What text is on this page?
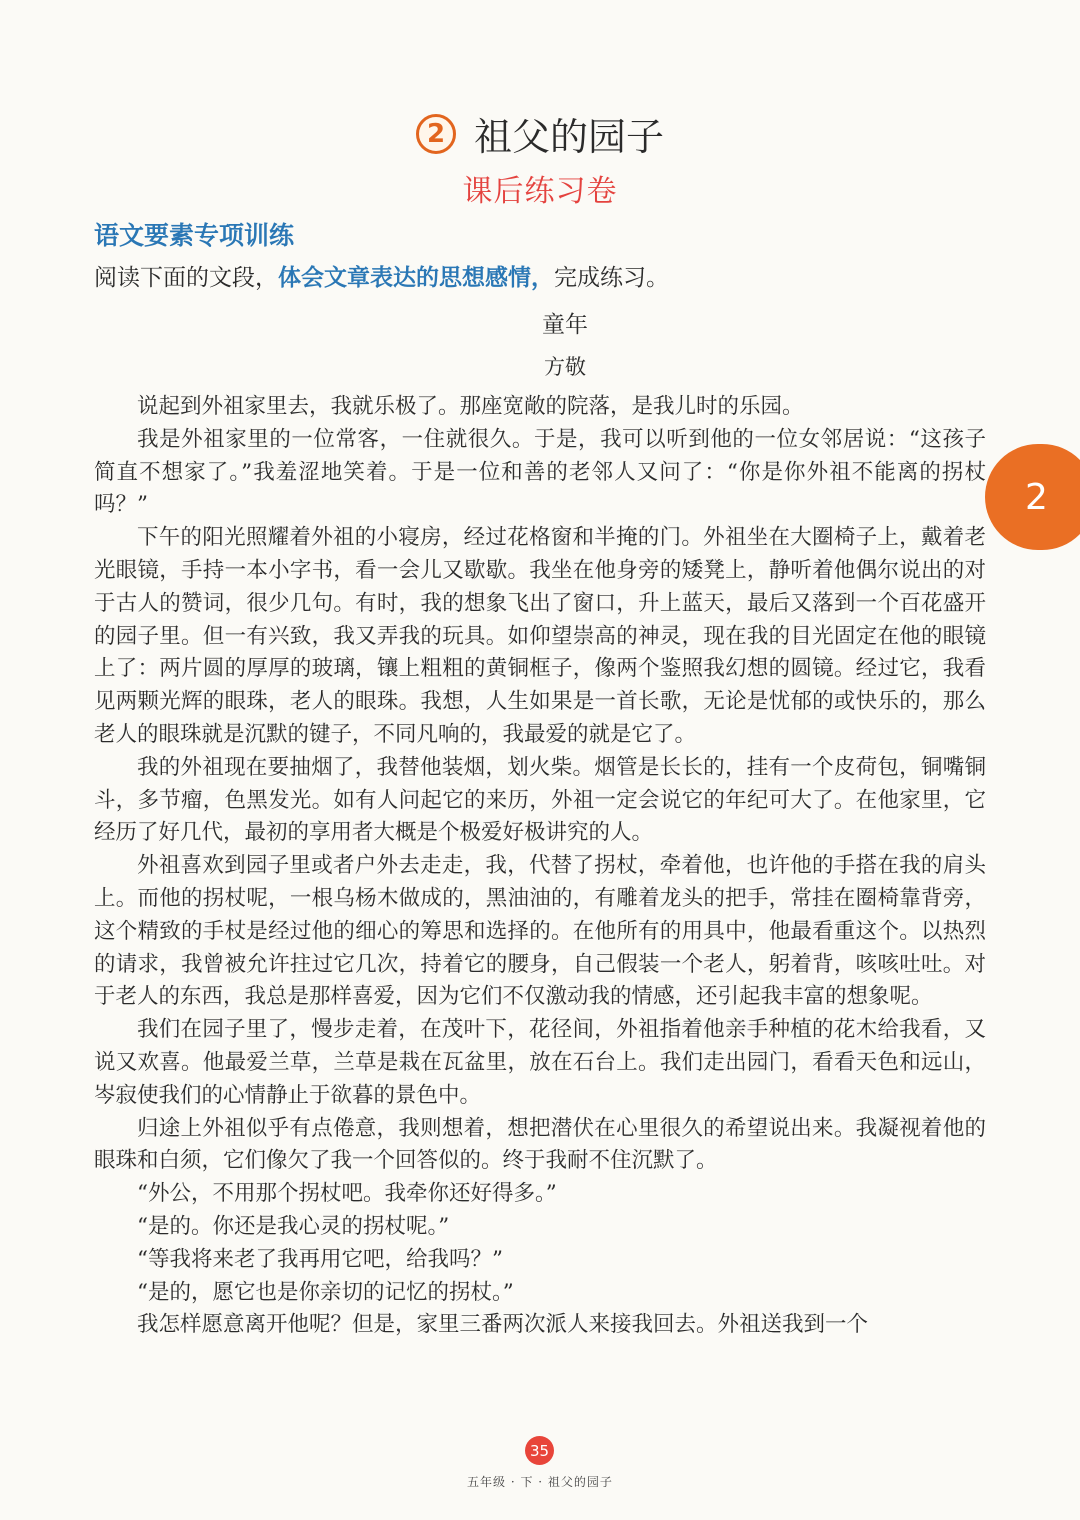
2 祖父的园子
课后练习卷
语文要素专项训练
阅读下面的文段，体会文章表达的思想感情，完成练习。
童年
方敬

说起到外祖家里去，我就乐极了。那座宽敞的院落，是我儿时的乐园。

我是外祖家里的一位常客，一住就很久。于是，我可以听到他的一位女邻居说：“这孩子简直不想家了。”我羞涩地笑着。于是一位和善的老邻人又问了：“你是你外祖不能离的拐杖吗？”

下午的阳光照耀着外祖的小寝房，经过花格窗和半掩的门。外祖坐在大圈椅子上，戴着老光眼镜，手持一本小字书，看一会儿又歇歇。我坐在他身旁的矮凳上，静听着他偶尔说出的对于古人的赞词，很少几句。有时，我的想象飞出了窗口，升上蓝天，最后又落到一个百花盛开的园子里。但一有兴致，我又弄我的玩具。如仰望崇高的神灵，现在我的目光固定在他的眼镜上了：两片圆的厚厚的玻璃，镶上粗粗的黄铜框子，像两个鉴照我幻想的圆镜。经过它，我看见两颗光辉的眼珠，老人的眼珠。我想，人生如果是一首长歌，无论是忧郁的或快乐的，那么老人的眼珠就是沉默的键子，不同凡响的，我最爱的就是它了。

我的外祖现在要抽烟了，我替他装烟，划火柴。烟管是长长的，挂有一个皮荷包，铜嘴铜斗，多节瘤，色黑发光。如有人问起它的来历，外祖一定会说它的年纪可大了。在他家里，它经历了好几代，最初的享用者大概是个极爱好极讲究的人。

外祖喜欢到园子里或者户外去走走，我，代替了拐杖，牵着他，也许他的手搭在我的肩头上。而他的拐杖呢，一根乌杨木做成的，黑油油的，有雕着龙头的把手，常挂在圈椅靠背旁，这个精致的手杖是经过他的细心的筹思和选择的。在他所有的用具中，他最看重这个。以热烈的请求，我曾被允许拄过它几次，持着它的腰身，自己假装一个老人，躬着背，咳咳吐吐。对于老人的东西，我总是那样喜爱，因为它们不仅激动我的情感，还引起我丰富的想象呢。

我们在园子里了，慢步走着，在茂叶下，花径间，外祖指着他亲手种植的花木给我看，又说又欢喜。他最爱兰草，兰草是栽在瓦盆里，放在石台上。我们走出园门，看看天色和远山，岑寂使我们的心情静止于欲暮的景色中。

归途上外祖似乎有点倦意，我则想着，想把潜伏在心里很久的希望说出来。我凝视着他的眼珠和白须，它们像欠了我一个回答似的。终于我耐不住沉默了。

“外公，不用那个拐杖吧。我牵你还好得多。”

“是的。你还是我心灵的拐杖呢。”

“等我将来老了我再用它吧，给我吗？”

“是的，愿它也是你亲切的记忆的拐杖。”

我怎样愿意离开他呢？但是，家里三番两次派人来接我回去。外祖送我到一个

2
35
五年级 · 下 · 祖父的园子
